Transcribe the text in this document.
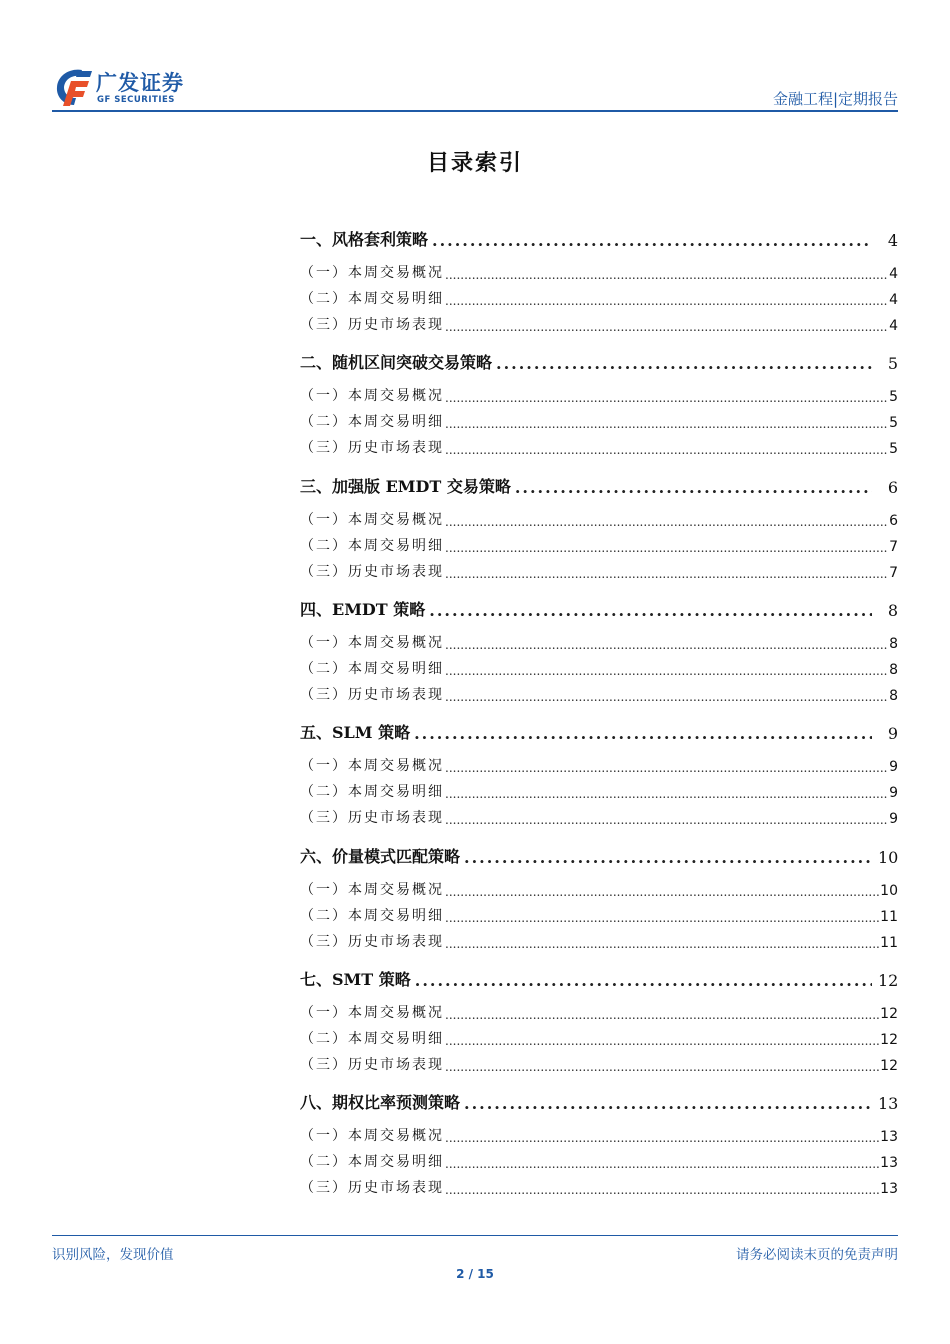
广发证券
GF SECURITIES	金融工程|定期报告
目录索引
一、风格套利策略 .....	4
（一）本周交易概况 .....	4
（二）本周交易明细 .....	4
（三）历史市场表现 .....	4
二、随机区间突破交易策略 .....	5
（一）本周交易概况 .....	5
（二）本周交易明细 .....	5
（三）历史市场表现 .....	5
三、加强版 EMDT 交易策略 .....	6
（一）本周交易概况 .....	6
（二）本周交易明细 .....	7
（三）历史市场表现 .....	7
四、EMDT 策略 .....	8
（一）本周交易概况 .....	8
（二）本周交易明细 .....	8
（三）历史市场表现 .....	8
五、SLM 策略 .....	9
（一）本周交易概况 .....	9
（二）本周交易明细 .....	9
（三）历史市场表现 .....	9
六、价量模式匹配策略 .....	10
（一）本周交易概况 .....	10
（二）本周交易明细 .....	11
（三）历史市场表现 .....	11
七、SMT 策略 .....	12
（一）本周交易概况 .....	12
（二）本周交易明细 .....	12
（三）历史市场表现 .....	12
八、期权比率预测策略 .....	13
（一）本周交易概况 .....	13
（二）本周交易明细 .....	13
（三）历史市场表现 .....	13
识别风险，发现价值	请务必阅读末页的免责声明
2 / 15
